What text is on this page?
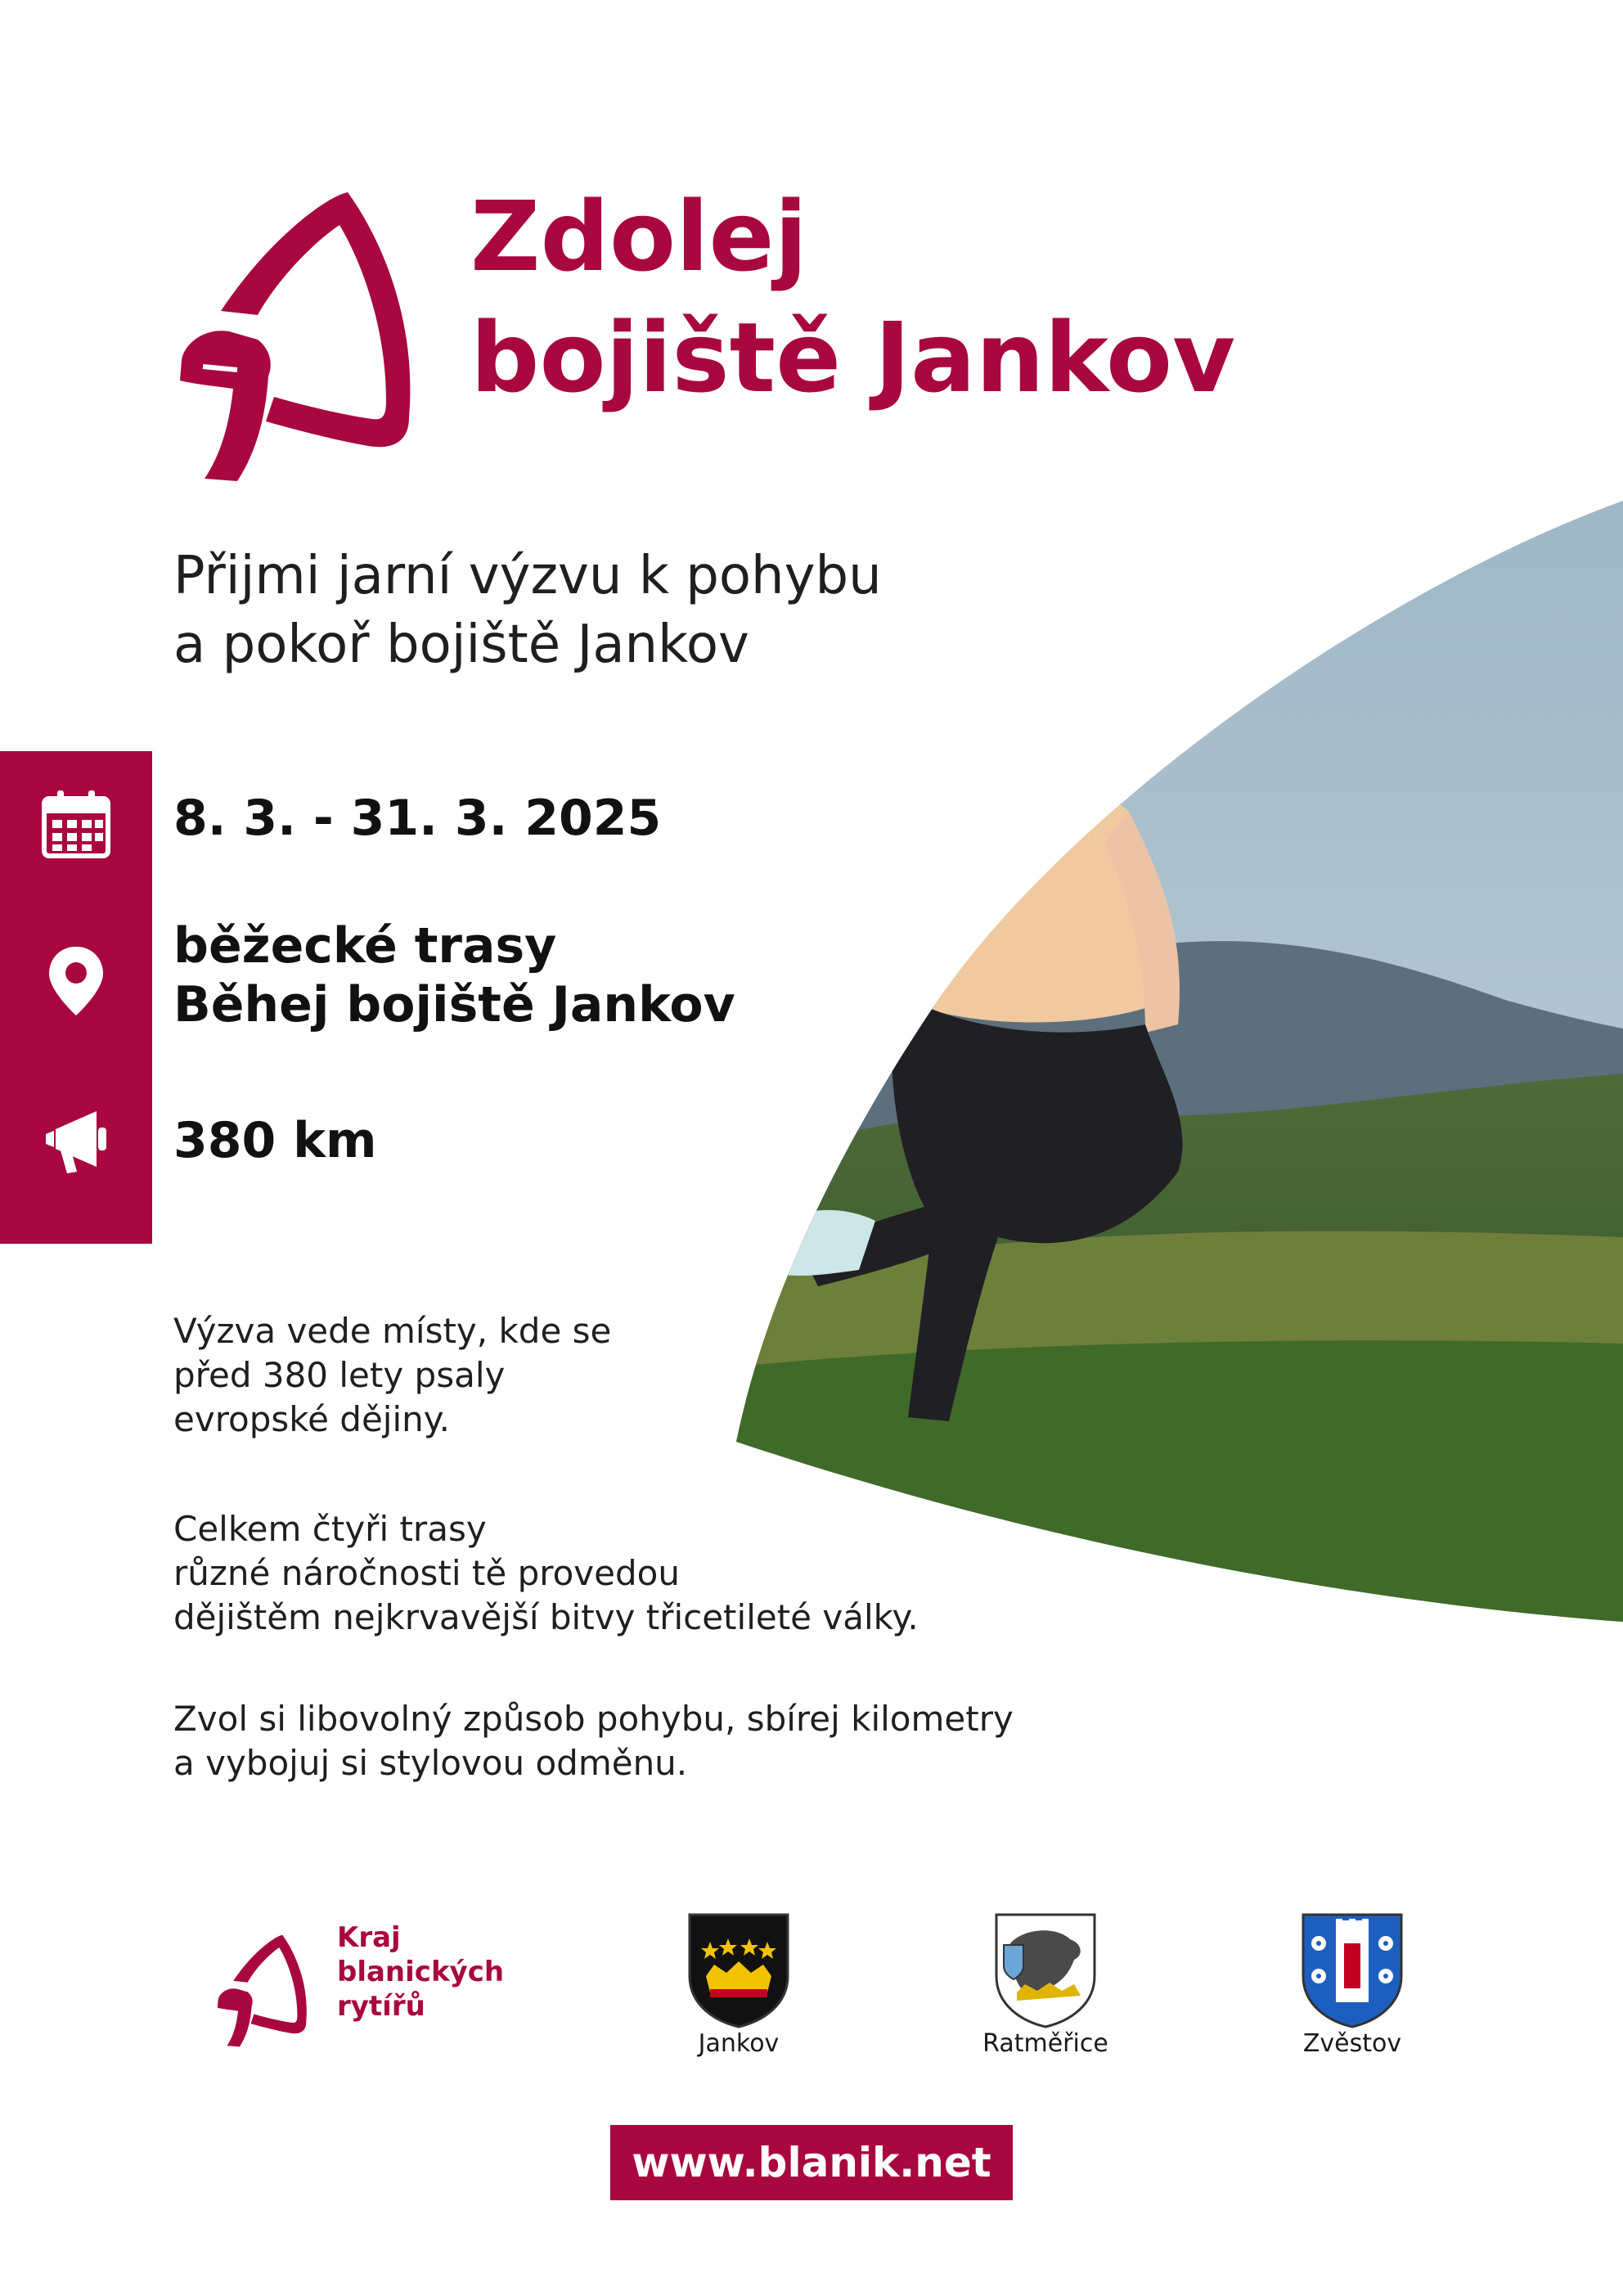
Zdolej
bojiště Jankov

Přijmi jarní výzvu k pohybu
a pokoř bojiště Jankov

8. 3. - 31. 3. 2025

běžecké trasy
Běhej bojiště Jankov

380 km

Výzva vede místy, kde se
před 380 lety psaly
evropské dějiny.

Celkem čtyři trasy
různé náročnosti tě provedou
dějištěm nejkrvavější bitvy třicetileté války.

Zvol si libovolný způsob pohybu, sbírej kilometry
a vybojuj si stylovou odměnu.

Kraj
blanických
rytířů

Jankov	Ratměřice	Zvěstov
www.blanik.net
